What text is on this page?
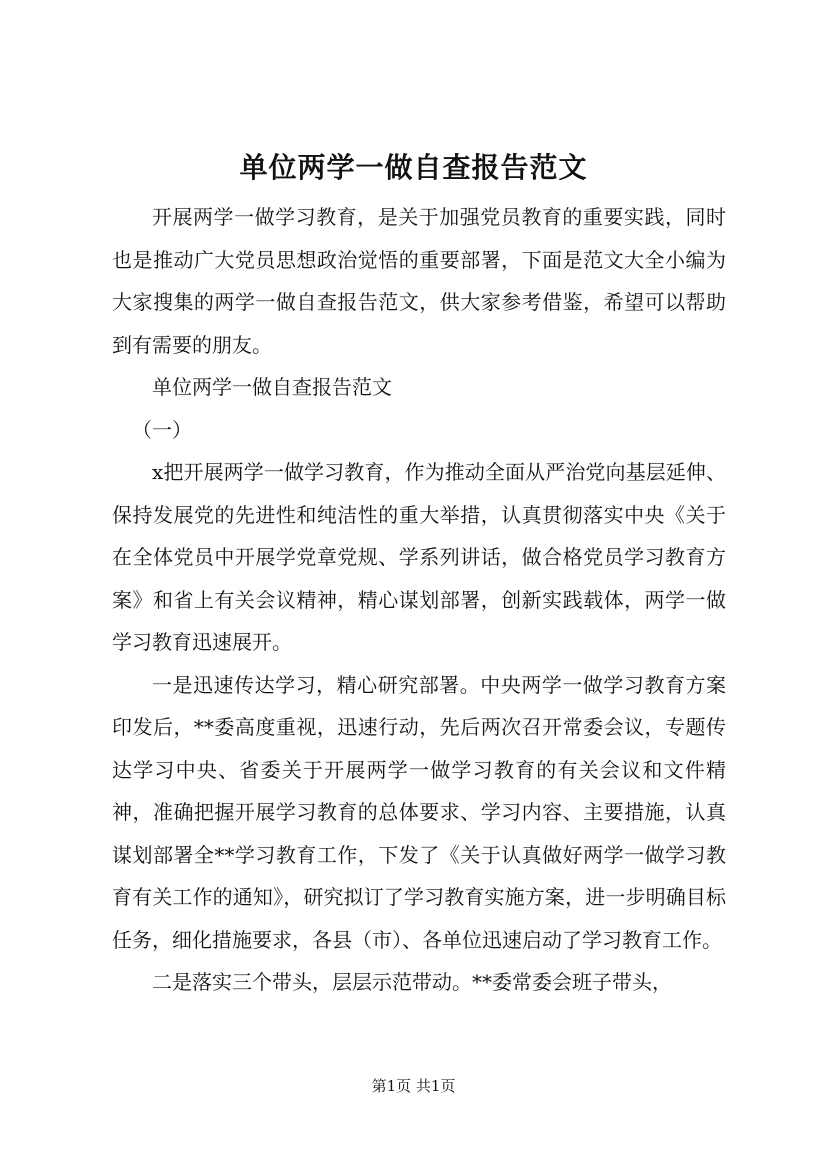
单位两学一做自查报告范文

开展两学一做学习教育，是关于加强党员教育的重要实践，同时也是推动广大党员思想政治觉悟的重要部署，下面是范文大全小编为大家搜集的两学一做自查报告范文，供大家参考借鉴，希望可以帮助到有需要的朋友。

单位两学一做自查报告范文

（一）

x把开展两学一做学习教育，作为推动全面从严治党向基层延伸、保持发展党的先进性和纯洁性的重大举措，认真贯彻落实中央《关于在全体党员中开展学党章党规、学系列讲话，做合格党员学习教育方案》和省上有关会议精神，精心谋划部署，创新实践载体，两学一做学习教育迅速展开。

一是迅速传达学习，精心研究部署。中央两学一做学习教育方案印发后，**委高度重视，迅速行动，先后两次召开常委会议，专题传达学习中央、省委关于开展两学一做学习教育的有关会议和文件精神，准确把握开展学习教育的总体要求、学习内容、主要措施，认真谋划部署全**学习教育工作，下发了《关于认真做好两学一做学习教育有关工作的通知》，研究拟订了学习教育实施方案，进一步明确目标任务，细化措施要求，各县（市）、各单位迅速启动了学习教育工作。

二是落实三个带头，层层示范带动。**委常委会班子带头，

第1页 共1页
